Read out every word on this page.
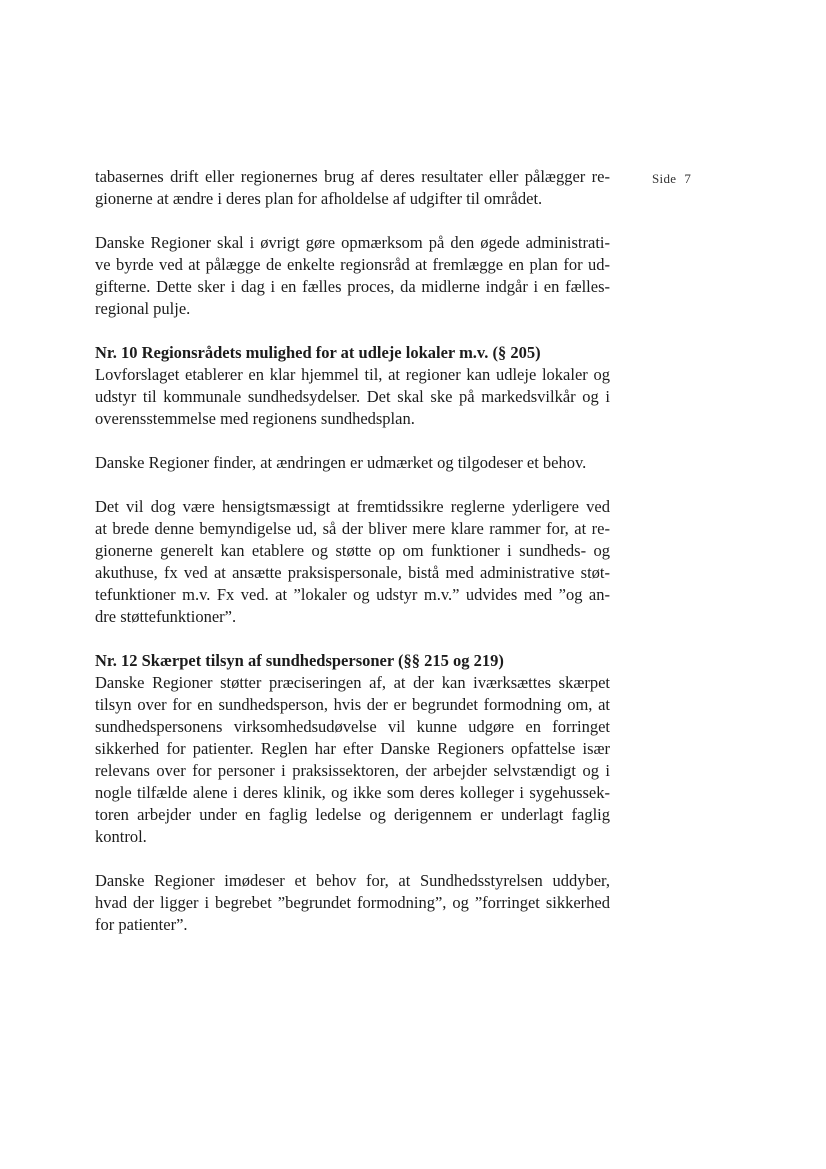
Side 7
tabasernes drift eller regionernes brug af deres resultater eller pålægger re-
gionerne at ændre i deres plan for afholdelse af udgifter til området.
Danske Regioner skal i øvrigt gøre opmærksom på den øgede administrati-
ve byrde ved at pålægge de enkelte regionsråd at fremlægge en plan for ud-
gifterne. Dette sker i dag i en fælles proces, da midlerne indgår i en fælles-
regional pulje.
Nr. 10 Regionsrådets mulighed for at udleje lokaler m.v. (§ 205)
Lovforslaget etablerer en klar hjemmel til, at regioner kan udleje lokaler og
udstyr til kommunale sundhedsydelser. Det skal ske på markedsvilkår og i
overensstemmelse med regionens sundhedsplan.
Danske Regioner finder, at ændringen er udmærket og tilgodeser et behov.
Det vil dog være hensigtsmæssigt at fremtidssikre reglerne yderligere ved
at brede denne bemyndigelse ud, så der bliver mere klare rammer for, at re-
gionerne generelt kan etablere og støtte op om funktioner i sundheds- og
akuthuse, fx ved at ansætte praksispersonale, bistå med administrative støt-
tefunktioner m.v. Fx ved. at ”lokaler og udstyr m.v.” udvides med ”og an-
dre støttefunktioner”.
Nr. 12 Skærpet tilsyn af sundhedspersoner (§§ 215 og 219)
Danske Regioner støtter præciseringen af, at der kan iværksættes skærpet
tilsyn over for en sundhedsperson, hvis der er begrundet formodning om, at
sundhedspersonens virksomhedsudøvelse vil kunne udgøre en forringet
sikkerhed for patienter. Reglen har efter Danske Regioners opfattelse især
relevans over for personer i praksissektoren, der arbejder selvstændigt og i
nogle tilfælde alene i deres klinik, og ikke som deres kolleger i sygehussek-
toren arbejder under en faglig ledelse og derigennem er underlagt faglig
kontrol.
Danske Regioner imødeser et behov for, at Sundhedsstyrelsen uddyber,
hvad der ligger i begrebet ”begrundet formodning”, og ”forringet sikkerhed
for patienter”.
